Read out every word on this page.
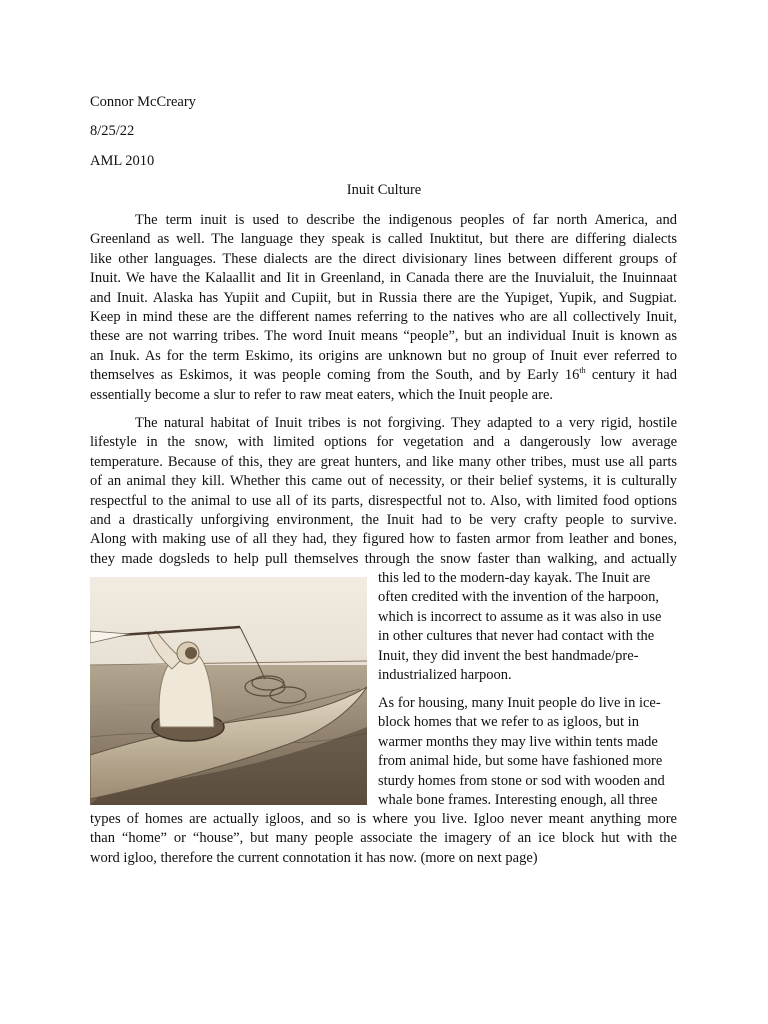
Connor McCreary

8/25/22

AML 2010

Inuit Culture

The term inuit is used to describe the indigenous peoples of far north America, and
Greenland as well. The language they speak is called Inuktitut, but there are differing dialects
like other languages. These dialects are the direct divisionary lines between different groups of
Inuit. We have the Kalaallit and Iit in Greenland, in Canada there are the Inuvialuit, the Inuinnaat
and Inuit. Alaska has Yupiit and Cupiit, but in Russia there are the Yupiget, Yupik, and Sugpiat.
Keep in mind these are the different names referring to the natives who are all collectively Inuit,
these are not warring tribes. The word Inuit means “people”, but an individual Inuit is known as
an Inuk. As for the term Eskimo, its origins are unknown but no group of Inuit ever referred to
themselves as Eskimos, it was people coming from the South, and by Early 16th century it had
essentially become a slur to refer to raw meat eaters, which the Inuit people are.
The natural habitat of Inuit tribes is not forgiving. They adapted to a very rigid, hostile
lifestyle in the snow, with limited options for vegetation and a dangerously low average
temperature. Because of this, they are great hunters, and like many other tribes, must use all parts
of an animal they kill. Whether this came out of necessity, or their belief systems, it is culturally
respectful to the animal to use all of its parts, disrespectful not to. Also, with limited food options
and a drastically unforgiving environment, the Inuit had to be very crafty people to survive.
Along with making use of all they had, they figured how to fasten armor from leather and bones,
they made dogsleds to help pull themselves through the snow faster than walking, and actually
this led to the modern-day kayak. The Inuit are
often credited with the invention of the harpoon,
which is incorrect to assume as it was also in use
in other cultures that never had contact with the
Inuit, they did invent the best handmade/pre-
industrialized harpoon.
As for housing, many Inuit people do live in ice-
block homes that we refer to as igloos, but in
warmer months they may live within tents made
from animal hide, but some have fashioned more
sturdy homes from stone or sod with wooden and
whale bone frames. Interesting enough, all three
types of homes are actually igloos, and so is where you live. Igloo never meant anything more
than “home” or “house”, but many people associate the imagery of an ice block hut with the
word igloo, therefore the current connotation it has now. (more on next page)
